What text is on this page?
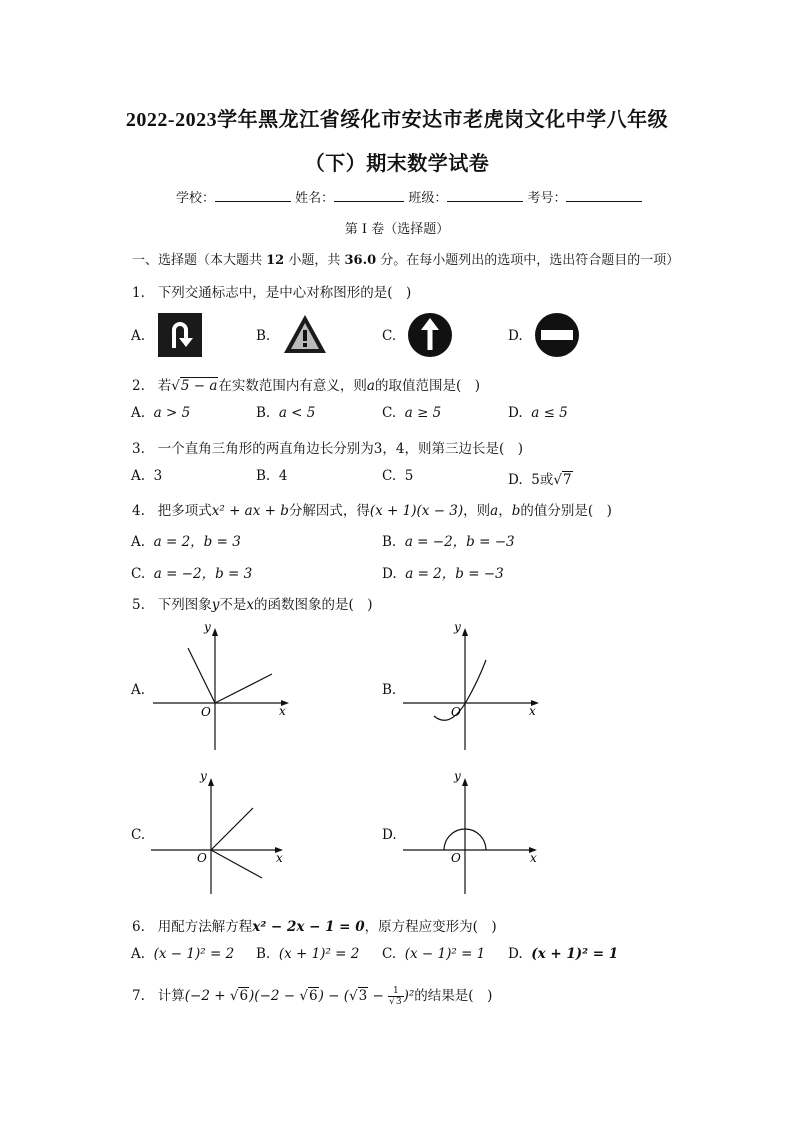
2022-2023学年黑龙江省绥化市安达市老虎岗文化中学八年级
（下）期末数学试卷
学校：	姓名：	班级：	考号：
第 I 卷（选择题）
一、选择题（本大题共 12 小题，共 36.0 分。在每小题列出的选项中，选出符合题目的一项）
1. 下列交通标志中，是中心对称图形的是(　)
A.	B.	C.	D.
2. 若√5 − a在实数范围内有意义，则a的取值范围是(　)
A. a > 5	B. a < 5	C. a ≥ 5	D. a ≤ 5
3. 一个直角三角形的两直角边长分别为3，4，则第三边长是(　)
A. 3	B. 4	C. 5	D. 5或√7
4. 把多项式x² + ax + b分解因式，得(x + 1)(x − 3)，则a，b的值分别是(　)
A. a = 2，b = 3	B. a = −2，b = −3
C. a = −2，b = 3	D. a = 2，b = −3
5. 下列图象y不是x的函数图象的是(　)
A.
y
x
O
B.
y
x
O
C.
y
x
O
D.
y
x
O
6. 用配方法解方程x² − 2x − 1 = 0，原方程应变形为(　)
A. (x − 1)² = 2 B. (x + 1)² = 2 C. (x − 1)² = 1 D. (x + 1)² = 1
7. 计算$(-2 + √6)(-2 - √6) - (√3 - \frac{1}{√3} )^2$的结果是(　)
